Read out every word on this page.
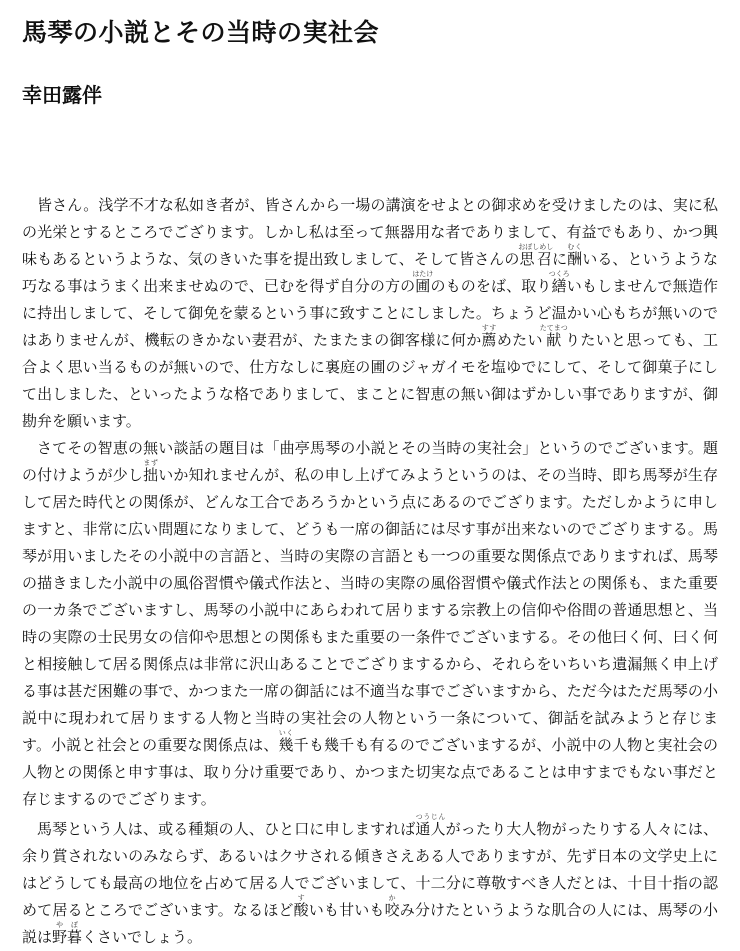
馬琴の小説とその当時の実社会
幸田露伴

皆さん。浅学不才な私如き者が、皆さんから一場の講演をせよとの御求めを受けましたのは、実に私の光栄とするところでござります。しかし私は至って無器用な者でありまして、有益でもあり、かつ興味もあるというような、気のきいた事を提出致しまして、そして皆さんの思召おぼしめしに酬むくいる、というような巧なる事はうまく出来ませぬので、已むを得ず自分の方の圃はたけのものをば、取り繕つくろいもしませんで無造作に持出しまして、そして御免を蒙るという事に致すことにしました。ちょうど温かい心もちが無いのではありませんが、機転のきかない妻君が、たまたまの御客様に何か薦すすめたい献たてまつりたいと思っても、工合よく思い当るものが無いので、仕方なしに裏庭の圃のジャガイモを塩ゆでにして、そして御菓子にして出しました、といったような格でありまして、まことに智恵の無い御はずかしい事でありますが、御勘弁を願います。

さてその智恵の無い談話の題目は「曲亭馬琴の小説とその当時の実社会」というのでございます。題の付けようが少し拙まずいか知れませんが、私の申し上げてみようというのは、その当時、即ち馬琴が生存して居た時代との関係が、どんな工合であろうかという点にあるのでござります。ただしかように申しますと、非常に広い問題になりまして、どうも一席の御話には尽す事が出来ないのでござりまする。馬琴が用いましたその小説中の言語と、当時の実際の言語とも一つの重要な関係点でありますれば、馬琴の描きました小説中の風俗習慣や儀式作法と、当時の実際の風俗習慣や儀式作法との関係も、また重要の一カ条でございますし、馬琴の小説中にあらわれて居りまする宗教上の信仰や俗間の普通思想と、当時の実際の士民男女の信仰や思想との関係もまた重要の一条件でございまする。その他曰く何、曰く何と相接触して居る関係点は非常に沢山あることでござりまするから、それらをいちいち遺漏無く申上げる事は甚だ困難の事で、かつまた一席の御話には不適当な事でございますから、ただ今はただ馬琴の小説中に現われて居りまする人物と当時の実社会の人物という一条について、御話を試みようと存じます。小説と社会との重要な関係点は、幾いく千も幾千も有るのでございまするが、小説中の人物と実社会の人物との関係と申す事は、取り分け重要であり、かつまた切実な点であることは申すまでもない事だと存じまするのでござります。

馬琴という人は、或る種類の人、ひと口に申しますれば通人つうじんがったり大人物がったりする人々には、余り賞されないのみならず、あるいはクサされる傾きさえある人でありますが、先ず日本の文学史上にはどうしても最高の地位を占めて居る人でございまして、十二分に尊敬すべき人だとは、十目十指の認めて居るところでございます。なるほど酸すいも甘いも咬かみ分けたというような肌合の人には、馬琴の小説は野暮やぼくさいでしょう。
